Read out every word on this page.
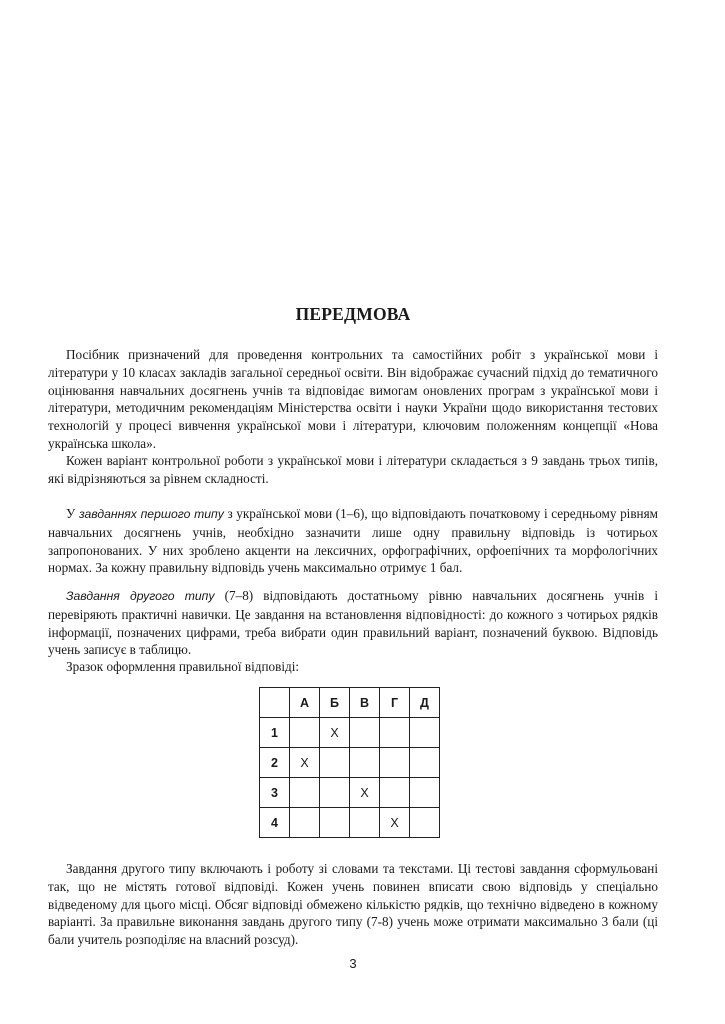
ПЕРЕДМОВА

Посібник призначений для проведення контрольних та самостійних робіт з української мови і літератури у 10 класах закладів загальної середньої освіти. Він відображає сучасний підхід до тематичного оцінювання навчальних досягнень учнів та відповідає вимогам оновлених програм з української мови і літератури, методичним рекомендаціям Міністерства освіти і науки України щодо використання тестових технологій у процесі вивчення української мови і літератури, ключовим положенням концепції «Нова українська школа».

Кожен варіант контрольної роботи з української мови і літератури складається з 9 завдань трьох типів, які відрізняються за рівнем складності.

У завданнях першого типу з української мови (1–6), що відповідають початковому і середньому рівням навчальних досягнень учнів, необхідно зазначити лише одну правильну відповідь із чотирьох запропонованих. У них зроблено акценти на лексичних, орфографічних, орфоепічних та морфологічних нормах. За кожну правильну відповідь учень максимально отримує 1 бал.

Завдання другого типу (7–8) відповідають достатньому рівню навчальних досягнень учнів і перевіряють практичні навички. Це завдання на встановлення відповідності: до кожного з чотирьох рядків інформації, позначених цифрами, треба вибрати один правильний варіант, позначений буквою. Відповідь учень записує в таблицю.

Зразок оформлення правильної відповіді:

	А	Б	В	Г	Д
1		Х			
2	Х				
3			Х		
4				Х	

Завдання другого типу включають і роботу зі словами та текстами. Ці тестові завдання сформульовані так, що не містять готової відповіді. Кожен учень повинен вписати свою відповідь у спеціально відведеному для цього місці. Обсяг відповіді обмежено кількістю рядків, що технічно відведено в кожному варіанті. За правильне виконання завдань другого типу (7-8) учень може отримати максимально 3 бали (ці бали учитель розподіляє на власний розсуд).

3
